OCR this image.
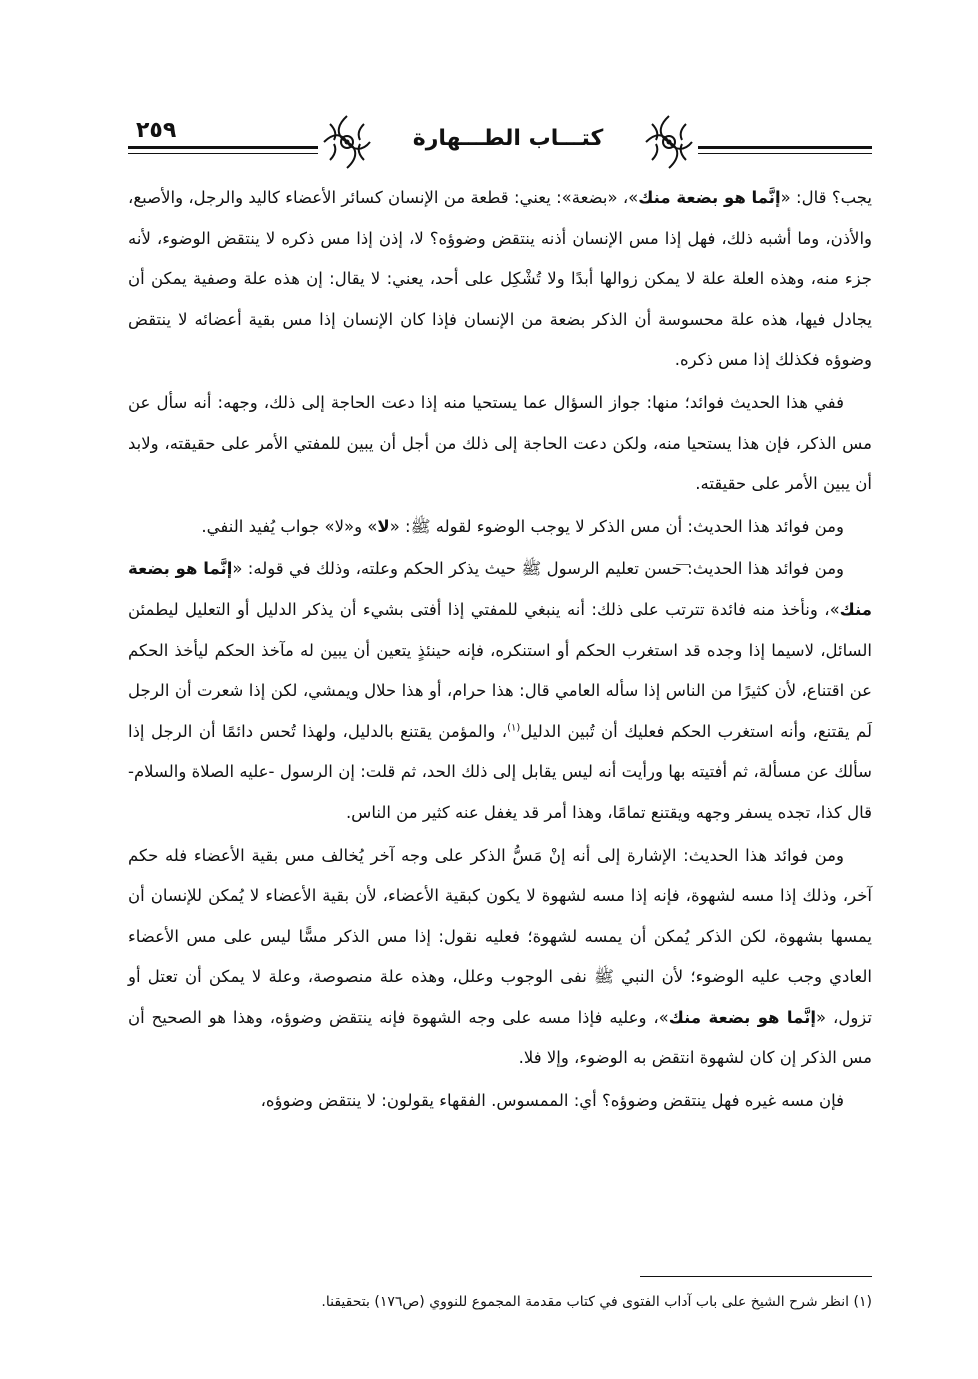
٢٥٩	كتـــاب الطـــهارة

يجب؟ قال: «إنَّما هو بضعة منك»، «بضعة»: يعني: قطعة من الإنسان كسائر الأعضاء كاليد والرجل، والأصبع، والأذن، وما أشبه ذلك، فهل إذا مس الإنسان أذنه ينتقض وضوؤه؟ لا، إذن إذا مس ذكره لا ينتقض الوضوء، لأنه جزء منه، وهذه العلة علة لا يمكن زوالها أبدًا ولا تُشْكِل على أحد، يعني: لا يقال: إن هذه علة وصفية يمكن أن يجادل فيها، هذه علة محسوسة أن الذكر بضعة من الإنسان فإذا كان الإنسان إذا مس بقية أعضائه لا ينتقض وضوؤه فكذلك إذا مس ذكره.

ففي هذا الحديث فوائد؛ منها: جواز السؤال عما يستحيا منه إذا دعت الحاجة إلى ذلك، وجهه: أنه سأل عن مس الذكر، فإن هذا يستحيا منه، ولكن دعت الحاجة إلى ذلك من أجل أن يبين للمفتي الأمر على حقيقته، ولابد أن يبين الأمر على حقيقته.

ومن فوائد هذا الحديث: أن مس الذكر لا يوجب الوضوء لقوله ﷺ: «لا» و«لا» جواب يُفيد النفي.

ومن فوائد هذا الحديث: حسن تعليم الرسول ﷺ حيث يذكر الحكم وعلته، وذلك في قوله: «إنَّما هو بضعة منك»، ونأخذ منه فائدة تترتب على ذلك: أنه ينبغي للمفتي إذا أفتى بشيء أن يذكر الدليل أو التعليل ليطمئن السائل، لاسيما إذا وجده قد استغرب الحكم أو استنكره، فإنه حينئذٍ يتعين أن يبين له مآخذ الحكم ليأخذ الحكم عن اقتناع، لأن كثيرًا من الناس إذا سأله العامي قال: هذا حرام، أو هذا حلال ويمشي، لكن إذا شعرت أن الرجل لَم يقتنع، وأنه استغرب الحكم فعليك أن تُبين الدليل$^{(١)}$، والمؤمن يقتنع بالدليل، ولهذا تُحس دائمًا أن الرجل إذا سألك عن مسألة، ثم أفتيته بها ورأيت أنه ليس يقابل إلى ذلك الحد، ثم قلت: إن الرسول -عليه الصلاة والسلام- قال كذا، تجده يسفر وجهه ويقتنع تمامًا، وهذا أمر قد يغفل عنه كثير من الناس.

ومن فوائد هذا الحديث: الإشارة إلى أنه إنْ مَسُّ الذكر على وجه آخر يُخالف مس بقية الأعضاء فله حكم آخر، وذلك إذا مسه لشهوة، فإنه إذا مسه لشهوة لا يكون كبقية الأعضاء، لأن بقية الأعضاء لا يُمكن للإنسان أن يمسها بشهوة، لكن الذكر يُمكن أن يمسه لشهوة؛ فعليه نقول: إذا مس الذكر مسًّا ليس على مس الأعضاء العادي وجب عليه الوضوء؛ لأن النبي ﷺ نفى الوجوب وعلل، وهذه علة منصوصة، وعلة لا يمكن أن تعتل أو تزول، «إنَّما هو بضعة منك»، وعليه فإذا مسه على وجه الشهوة فإنه ينتقض وضوؤه، وهذا هو الصحيح أن مس الذكر إن كان لشهوة انتقض به الوضوء، وإلا فلا.

فإن مسه غيره فهل ينتقض وضوؤه؟ أي: الممسوس. الفقهاء يقولون: لا ينتقض وضوؤه،

(١) انظر شرح الشيخ على باب آداب الفتوى في كتاب مقدمة المجموع للنووي (ص١٧٦) بتحقيقنا.
